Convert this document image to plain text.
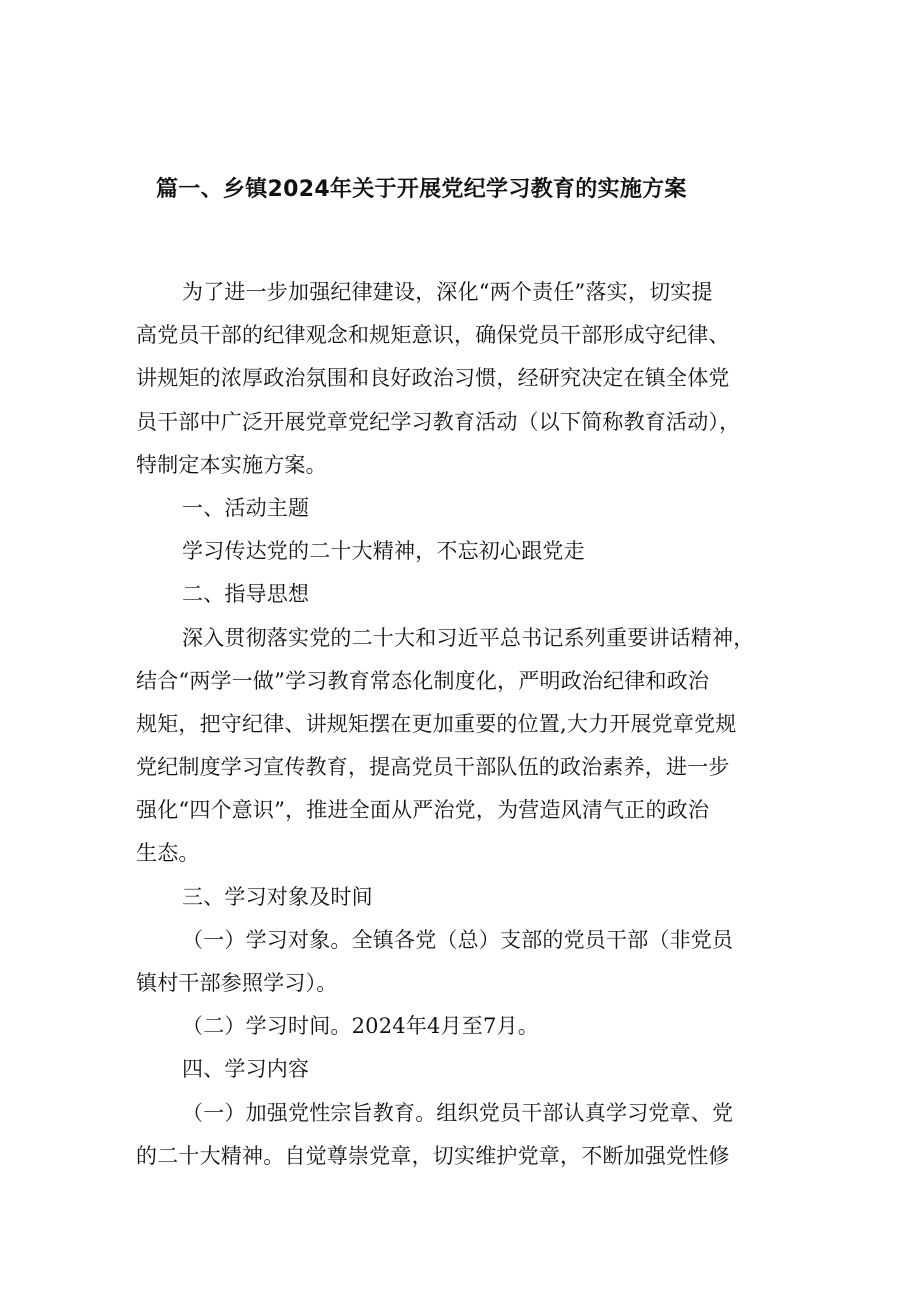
篇一、乡镇2024年关于开展党纪学习教育的实施方案
为了进一步加强纪律建设，深化“两个责任”落实，切实提
高党员干部的纪律观念和规矩意识，确保党员干部形成守纪律、
讲规矩的浓厚政治氛围和良好政治习惯，经研究决定在镇全体党
员干部中广泛开展党章党纪学习教育活动（以下简称教育活动），
特制定本实施方案。
一、活动主题
学习传达党的二十大精神，不忘初心跟党走
二、指导思想
深入贯彻落实党的二十大和习近平总书记系列重要讲话精神，
结合“两学一做”学习教育常态化制度化，严明政治纪律和政治
规矩，把守纪律、讲规矩摆在更加重要的位置,大力开展党章党规
党纪制度学习宣传教育，提高党员干部队伍的政治素养，进一步
强化“四个意识”，推进全面从严治党，为营造风清气正的政治
生态。
三、学习对象及时间
（一）学习对象。全镇各党（总）支部的党员干部（非党员
镇村干部参照学习）。
（二）学习时间。2024年4月至7月。
四、学习内容
（一）加强党性宗旨教育。组织党员干部认真学习党章、党
的二十大精神。自觉尊崇党章，切实维护党章，不断加强党性修
